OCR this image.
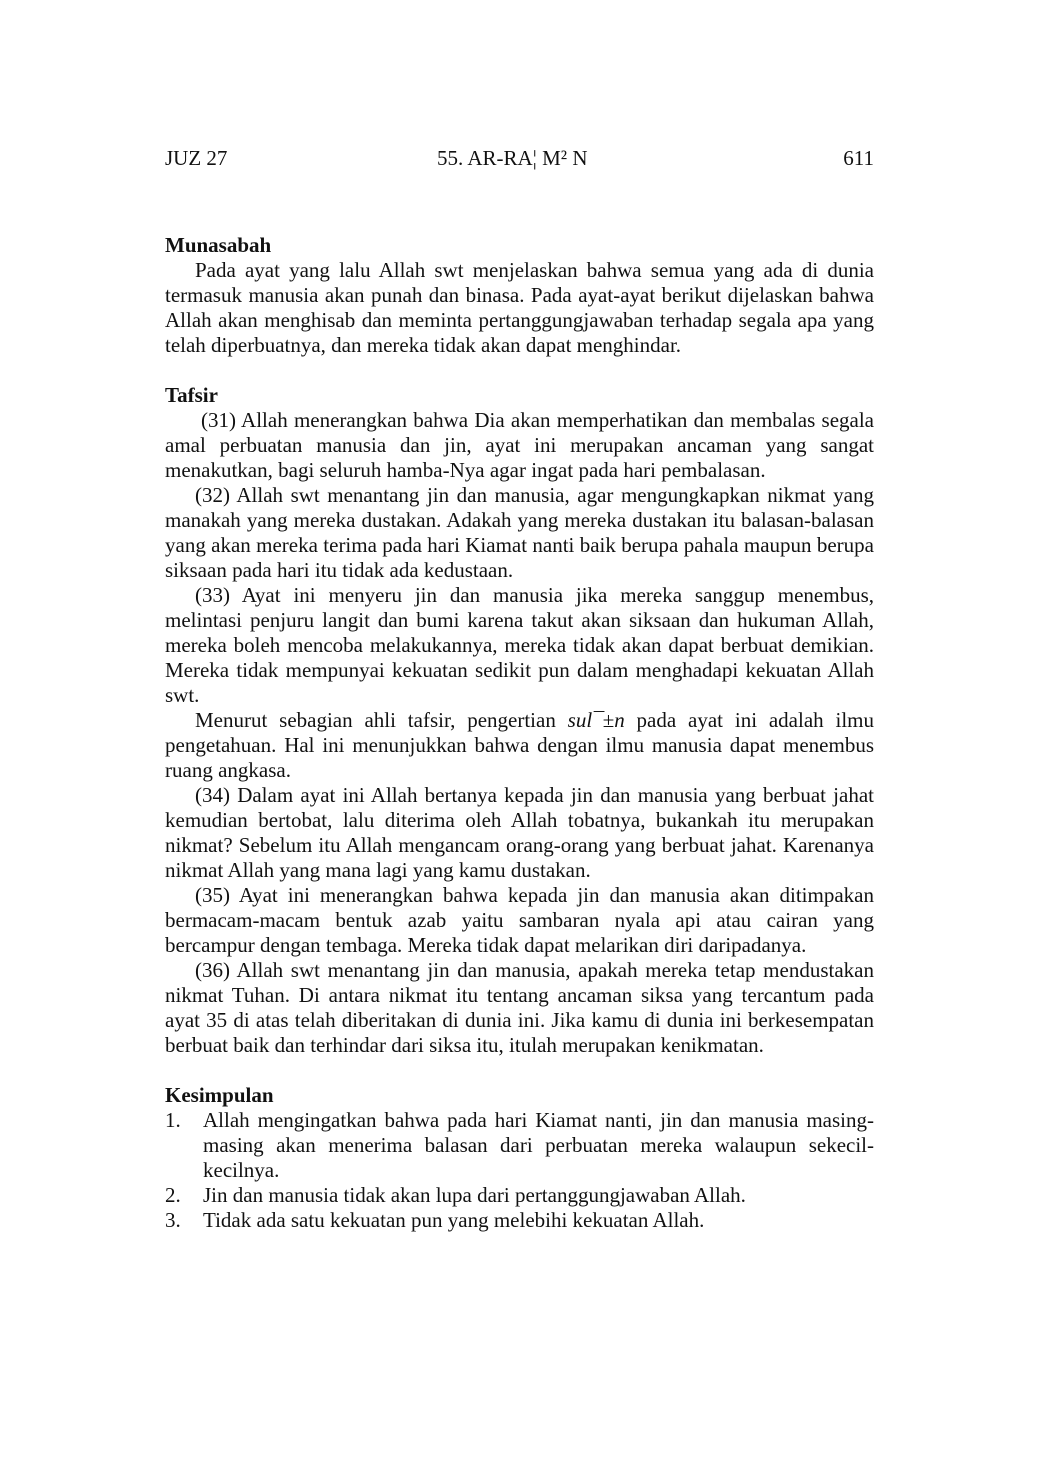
JUZ 27	55. AR-RA¦ M² N	611
Munasabah

Pada ayat yang lalu Allah swt menjelaskan bahwa semua yang ada di dunia termasuk manusia akan punah dan binasa. Pada ayat-ayat berikut dijelaskan bahwa Allah akan menghisab dan meminta pertanggungjawaban terhadap segala apa yang telah diperbuatnya, dan mereka tidak akan dapat menghindar.

Tafsir

(31) Allah menerangkan bahwa Dia akan memperhatikan dan membalas segala amal perbuatan manusia dan jin, ayat ini merupakan ancaman yang sangat menakutkan, bagi seluruh hamba-Nya agar ingat pada hari pembalasan.

(32) Allah swt menantang jin dan manusia, agar mengungkapkan nikmat yang manakah yang mereka dustakan. Adakah yang mereka dustakan itu balasan-balasan yang akan mereka terima pada hari Kiamat nanti baik berupa pahala maupun berupa siksaan pada hari itu tidak ada kedustaan.

(33) Ayat ini menyeru jin dan manusia jika mereka sanggup menembus, melintasi penjuru langit dan bumi karena takut akan siksaan dan hukuman Allah, mereka boleh mencoba melakukannya, mereka tidak akan dapat berbuat demikian. Mereka tidak mempunyai kekuatan sedikit pun dalam menghadapi kekuatan Allah swt.

Menurut sebagian ahli tafsir, pengertian sul¯±n pada ayat ini adalah ilmu pengetahuan. Hal ini menunjukkan bahwa dengan ilmu manusia dapat menembus ruang angkasa.

(34) Dalam ayat ini Allah bertanya kepada jin dan manusia yang berbuat jahat kemudian bertobat, lalu diterima oleh Allah tobatnya, bukankah itu merupakan nikmat? Sebelum itu Allah mengancam orang-orang yang berbuat jahat. Karenanya nikmat Allah yang mana lagi yang kamu dustakan.

(35) Ayat ini menerangkan bahwa kepada jin dan manusia akan ditimpakan bermacam-macam bentuk azab yaitu sambaran nyala api atau cairan yang bercampur dengan tembaga. Mereka tidak dapat melarikan diri daripadanya.

(36) Allah swt menantang jin dan manusia, apakah mereka tetap mendustakan nikmat Tuhan. Di antara nikmat itu tentang ancaman siksa yang tercantum pada ayat 35 di atas telah diberitakan di dunia ini. Jika kamu di dunia ini berkesempatan berbuat baik dan terhindar dari siksa itu, itulah merupakan kenikmatan.

Kesimpulan
1. Allah mengingatkan bahwa pada hari Kiamat nanti, jin dan manusia masing-masing akan menerima balasan dari perbuatan mereka walaupun sekecil-kecilnya.
2. Jin dan manusia tidak akan lupa dari pertanggungjawaban Allah.
3. Tidak ada satu kekuatan pun yang melebihi kekuatan Allah.
